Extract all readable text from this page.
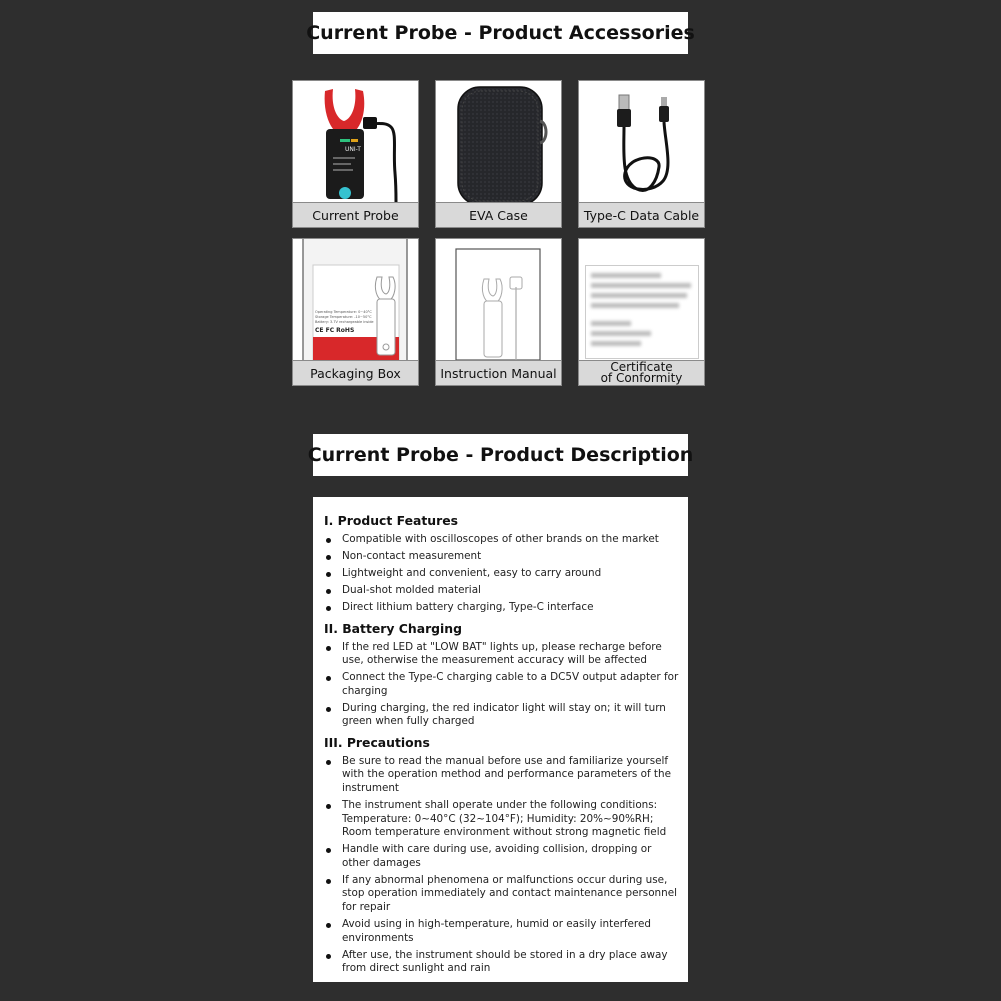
Current Probe - Product Accessories
UNI-T
Current Probe	EVA Case	Type-C Data Cable
Operating Temperature: 0~40°C
Storage Temperature: -10~50°C
Battery: 3.7V rechargeable inside
CE FC RoHS
Packaging Box	Instruction Manual	Certificate
of Conformity
Current Probe - Product Description
I. Product Features
Compatible with oscilloscopes of other brands on the market
Non-contact measurement
Lightweight and convenient, easy to carry around
Dual-shot molded material
Direct lithium battery charging, Type-C interface
II. Battery Charging
If the red LED at "LOW BAT" lights up, please recharge before use, otherwise the measurement accuracy will be affected
Connect the Type-C charging cable to a DC5V output adapter for charging
During charging, the red indicator light will stay on; it will turn green when fully charged
III. Precautions
Be sure to read the manual before use and familiarize yourself with the operation method and performance parameters of the instrument
The instrument shall operate under the following conditions: Temperature: 0~40°C (32~104°F); Humidity: 20%~90%RH; Room temperature environment without strong magnetic field
Handle with care during use, avoiding collision, dropping or other damages
If any abnormal phenomena or malfunctions occur during use, stop operation immediately and contact maintenance personnel for repair
Avoid using in high-temperature, humid or easily interfered environments
After use, the instrument should be stored in a dry place away from direct sunlight and rain
